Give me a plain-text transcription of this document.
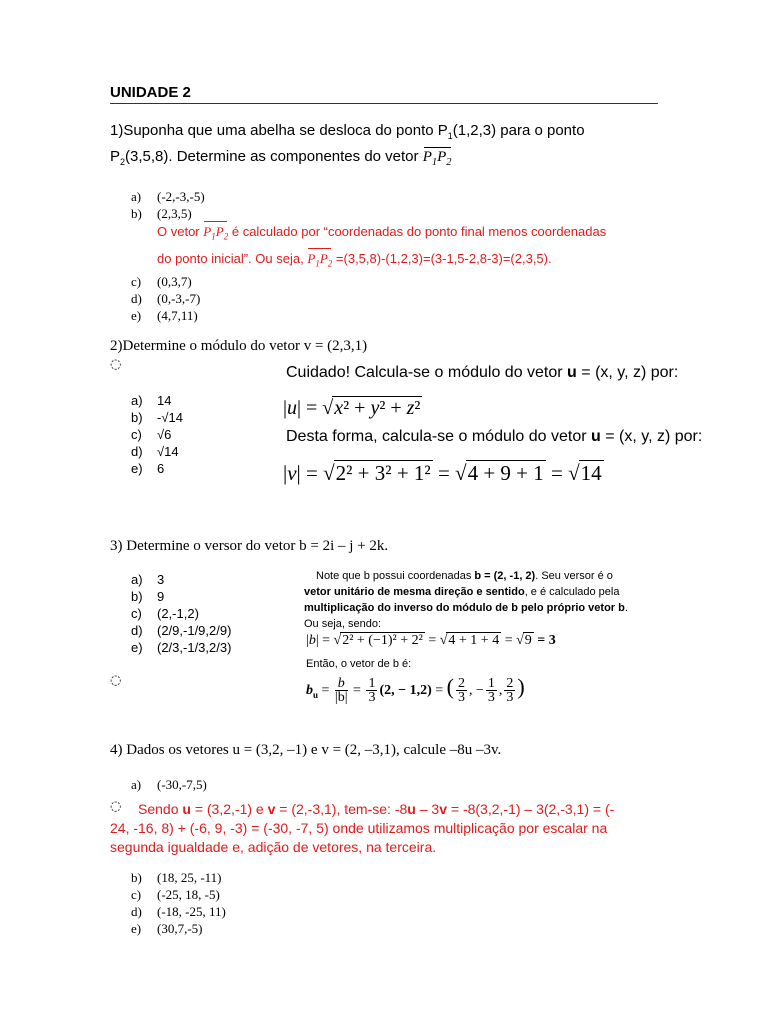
UNIDADE 2
1)Suponha que uma abelha se desloca do ponto $P_1(1,2,3)$ para o ponto
$P_2(3,5,8)$. Determine as componentes do vetor $P_1P_2$
a) (-2,-3,-5)
b) (2,3,5)
O vetor $P_1P_2$ é calculado por “coordenadas do ponto final menos coordenadas
do ponto inicial”. Ou seja, $P_1P_2 =(3,5,8)-(1,2,3)=(3-1,5-2,8-3)=(2,3,5)$.
c) (0,3,7)
d) (0,-3,-7)
e) (4,7,11)
2)Determine o módulo do vetor v = (2,3,1)
◌
a) 14
b) -√14
c) √6
d) √14
e) 6
Cuidado! Calcula-se o módulo do vetor u = (x, y, z) por:
|u| = √x² + y² + z²
Desta forma, calcula-se o módulo do vetor u = (x, y, z) por:
|v| = √2² + 3² + 1² = √4 + 9 + 1 = √14
3) Determine o versor do vetor b = 2i – j + 2k.
a) 3
b) 9
c) (2,-1,2)
d) (2/9,-1/9,2/9)
e) (2/3,-1/3,2/3)
◌
Note que b possui coordenadas b = (2, -1, 2). Seu versor é o
vetor unitário de mesma direção e sentido, e é calculado pela
multiplicação do inverso do módulo de b pelo próprio vetor b.
Ou seja, sendo:
|b| = √2² + (−1)² + 2² = √4 + 1 + 4 = √9 = 3
Então, o vetor de b é:
$b_u = \frac{b}{|b|} = \frac{1}{3} (2$, − 1,2) = ( $\frac{2}{3}$ , − $\frac{1}{3}$ , $\frac{2}{3}$ )
4) Dados os vetores u = (3,2, –1) e v = (2, –3,1), calcule –8u –3v.
a) (-30,-7,5)
◌	Sendo u = (3,2,-1) e v = (2,-3,1), tem-se: -8u – 3v = -8(3,2,-1) – 3(2,-3,1) = (-
24, -16, 8) + (-6, 9, -3) = (-30, -7, 5) onde utilizamos multiplicação por escalar na
segunda igualdade e, adição de vetores, na terceira.
b) (18, 25, -11)
c) (-25, 18, -5)
d) (-18, -25, 11)
e) (30,7,-5)
